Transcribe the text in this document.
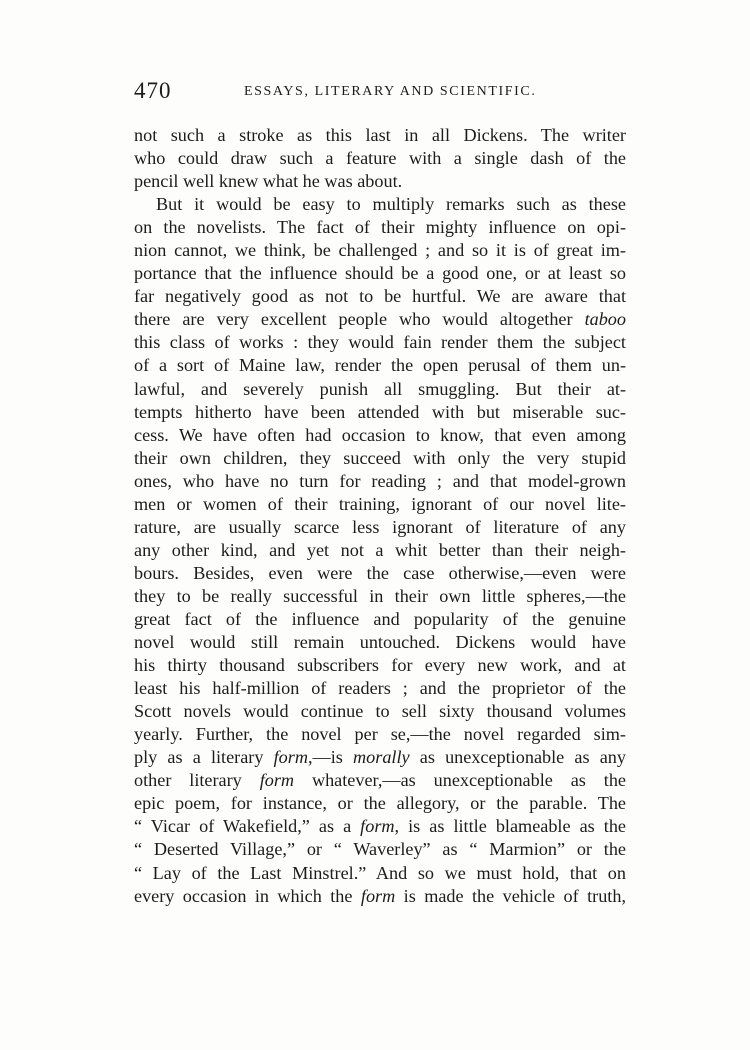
470	ESSAYS, LITERARY AND SCIENTIFIC.
not such a stroke as this last in all Dickens. The writer
who could draw such a feature with a single dash of the
pencil well knew what he was about.
But it would be easy to multiply remarks such as these
on the novelists. The fact of their mighty influence on opi-
nion cannot, we think, be challenged ; and so it is of great im-
portance that the influence should be a good one, or at least so
far negatively good as not to be hurtful. We are aware that
there are very excellent people who would altogether taboo
this class of works : they would fain render them the subject
of a sort of Maine law, render the open perusal of them un-
lawful, and severely punish all smuggling. But their at-
tempts hitherto have been attended with but miserable suc-
cess. We have often had occasion to know, that even among
their own children, they succeed with only the very stupid
ones, who have no turn for reading ; and that model-grown
men or women of their training, ignorant of our novel lite-
rature, are usually scarce less ignorant of literature of any
any other kind, and yet not a whit better than their neigh-
bours. Besides, even were the case otherwise,—even were
they to be really successful in their own little spheres,—the
great fact of the influence and popularity of the genuine
novel would still remain untouched. Dickens would have
his thirty thousand subscribers for every new work, and at
least his half-million of readers ; and the proprietor of the
Scott novels would continue to sell sixty thousand volumes
yearly. Further, the novel per se,—the novel regarded sim-
ply as a literary form,—is morally as unexceptionable as any
other literary form whatever,—as unexceptionable as the
epic poem, for instance, or the allegory, or the parable. The
“ Vicar of Wakefield,” as a form, is as little blameable as the
“ Deserted Village,” or “ Waverley” as “ Marmion” or the
“ Lay of the Last Minstrel.” And so we must hold, that on
every occasion in which the form is made the vehicle of truth,
